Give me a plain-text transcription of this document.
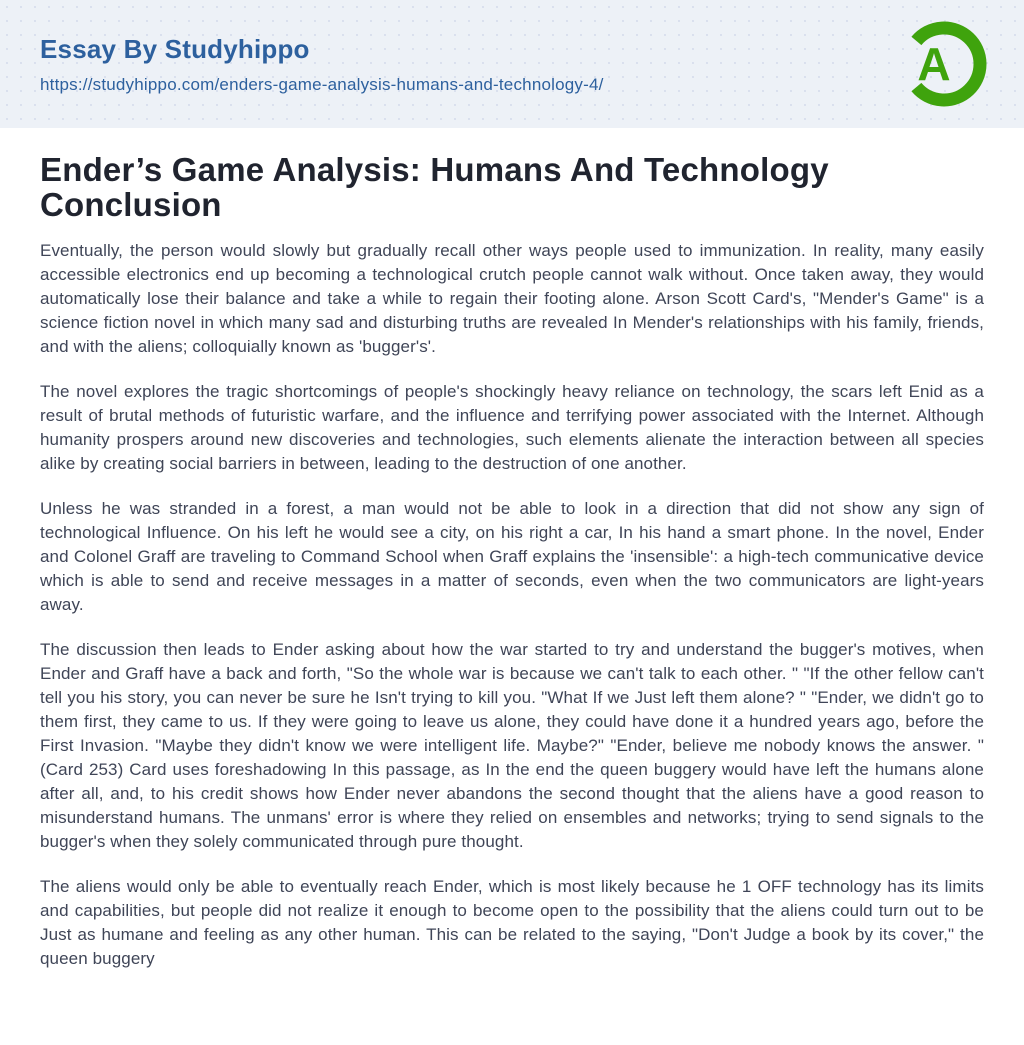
Essay By Studyhippo
https://studyhippo.com/enders-game-analysis-humans-and-technology-4/	A
Ender’s Game Analysis: Humans And Technology Conclusion

Eventually, the person would slowly but gradually recall other ways people used to immunization. In reality, many easily accessible electronics end up becoming a technological crutch people cannot walk without. Once taken away, they would automatically lose their balance and take a while to regain their footing alone. Arson Scott Card's, "Mender's Game" is a science fiction novel in which many sad and disturbing truths are revealed In Mender's relationships with his family, friends, and with the aliens; colloquially known as 'bugger's'.

The novel explores the tragic shortcomings of people's shockingly heavy reliance on technology, the scars left Enid as a result of brutal methods of futuristic warfare, and the influence and terrifying power associated with the Internet. Although humanity prospers around new discoveries and technologies, such elements alienate the interaction between all species alike by creating social barriers in between, leading to the destruction of one another.

Unless he was stranded in a forest, a man would not be able to look in a direction that did not show any sign of technological Influence. On his left he would see a city, on his right a car, In his hand a smart phone. In the novel, Ender and Colonel Graff are traveling to Command School when Graff explains the 'insensible': a high-tech communicative device which is able to send and receive messages in a matter of seconds, even when the two communicators are light-years away.

The discussion then leads to Ender asking about how the war started to try and understand the bugger's motives, when Ender and Graff have a back and forth, "So the whole war is because we can't talk to each other. " "If the other fellow can't tell you his story, you can never be sure he Isn't trying to kill you. "What If we Just left them alone? " "Ender, we didn't go to them first, they came to us. If they were going to leave us alone, they could have done it a hundred years ago, before the First Invasion. "Maybe they didn't know we were intelligent life. Maybe?" "Ender, believe me nobody knows the answer. " (Card 253) Card uses foreshadowing In this passage, as In the end the queen buggery would have left the humans alone after all, and, to his credit shows how Ender never abandons the second thought that the aliens have a good reason to misunderstand humans. The unmans' error is where they relied on ensembles and networks; trying to send signals to the bugger's when they solely communicated through pure thought.

The aliens would only be able to eventually reach Ender, which is most likely because he 1 OFF technology has its limits and capabilities, but people did not realize it enough to become open to the possibility that the aliens could turn out to be Just as humane and feeling as any other human. This can be related to the saying, "Don't Judge a book by its cover," the queen buggery
